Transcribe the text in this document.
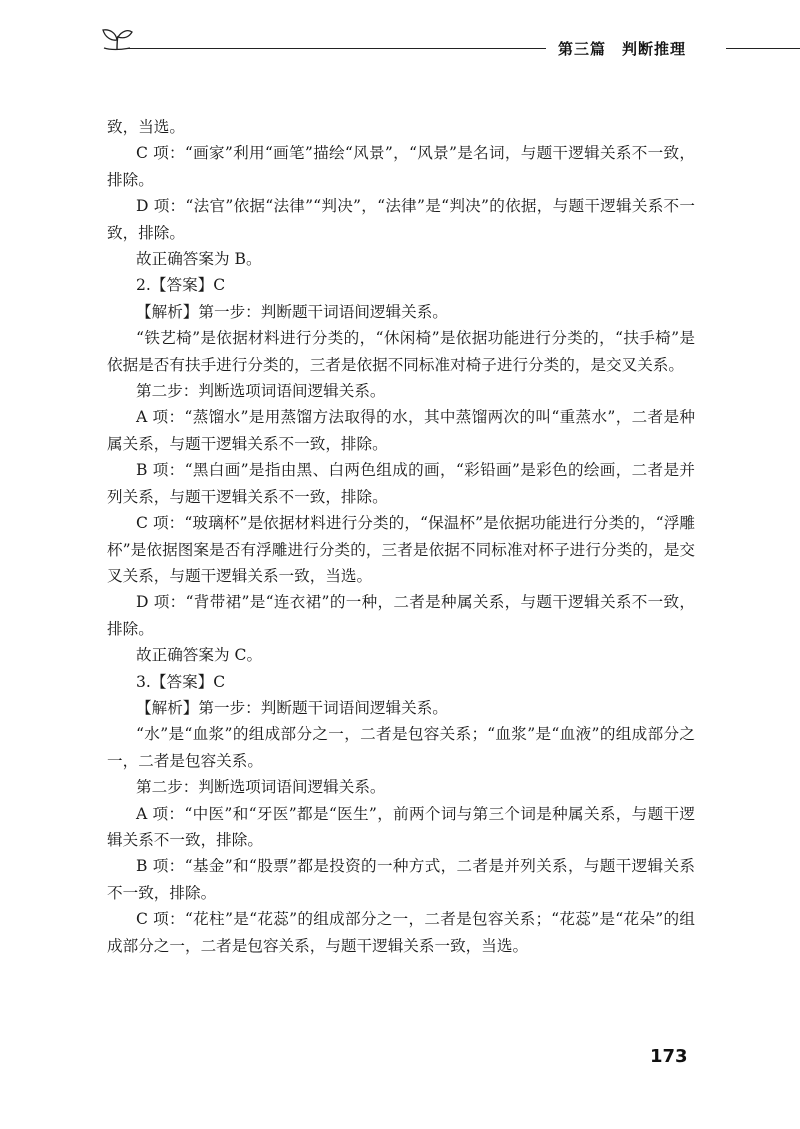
第三篇　判断推理

致，当选。

C 项：“画家”利用“画笔”描绘“风景”，“风景”是名词，与题干逻辑关系不一致，排除。

D 项：“法官”依据“法律”“判决”，“法律”是“判决”的依据，与题干逻辑关系不一致，排除。

故正确答案为 B。

2.【答案】C

【解析】第一步：判断题干词语间逻辑关系。

“铁艺椅”是依据材料进行分类的，“休闲椅”是依据功能进行分类的，“扶手椅”是依据是否有扶手进行分类的，三者是依据不同标准对椅子进行分类的，是交叉关系。

第二步：判断选项词语间逻辑关系。

A 项：“蒸馏水”是用蒸馏方法取得的水，其中蒸馏两次的叫“重蒸水”，二者是种属关系，与题干逻辑关系不一致，排除。

B 项：“黑白画”是指由黑、白两色组成的画，“彩铅画”是彩色的绘画，二者是并列关系，与题干逻辑关系不一致，排除。

C 项：“玻璃杯”是依据材料进行分类的，“保温杯”是依据功能进行分类的，“浮雕杯”是依据图案是否有浮雕进行分类的，三者是依据不同标准对杯子进行分类的，是交叉关系，与题干逻辑关系一致，当选。

D 项：“背带裙”是“连衣裙”的一种，二者是种属关系，与题干逻辑关系不一致，排除。

故正确答案为 C。

3.【答案】C

【解析】第一步：判断题干词语间逻辑关系。

“水”是“血浆”的组成部分之一，二者是包容关系；“血浆”是“血液”的组成部分之一，二者是包容关系。

第二步：判断选项词语间逻辑关系。

A 项：“中医”和“牙医”都是“医生”，前两个词与第三个词是种属关系，与题干逻辑关系不一致，排除。

B 项：“基金”和“股票”都是投资的一种方式，二者是并列关系，与题干逻辑关系不一致，排除。

C 项：“花柱”是“花蕊”的组成部分之一，二者是包容关系；“花蕊”是“花朵”的组成部分之一，二者是包容关系，与题干逻辑关系一致，当选。

173
